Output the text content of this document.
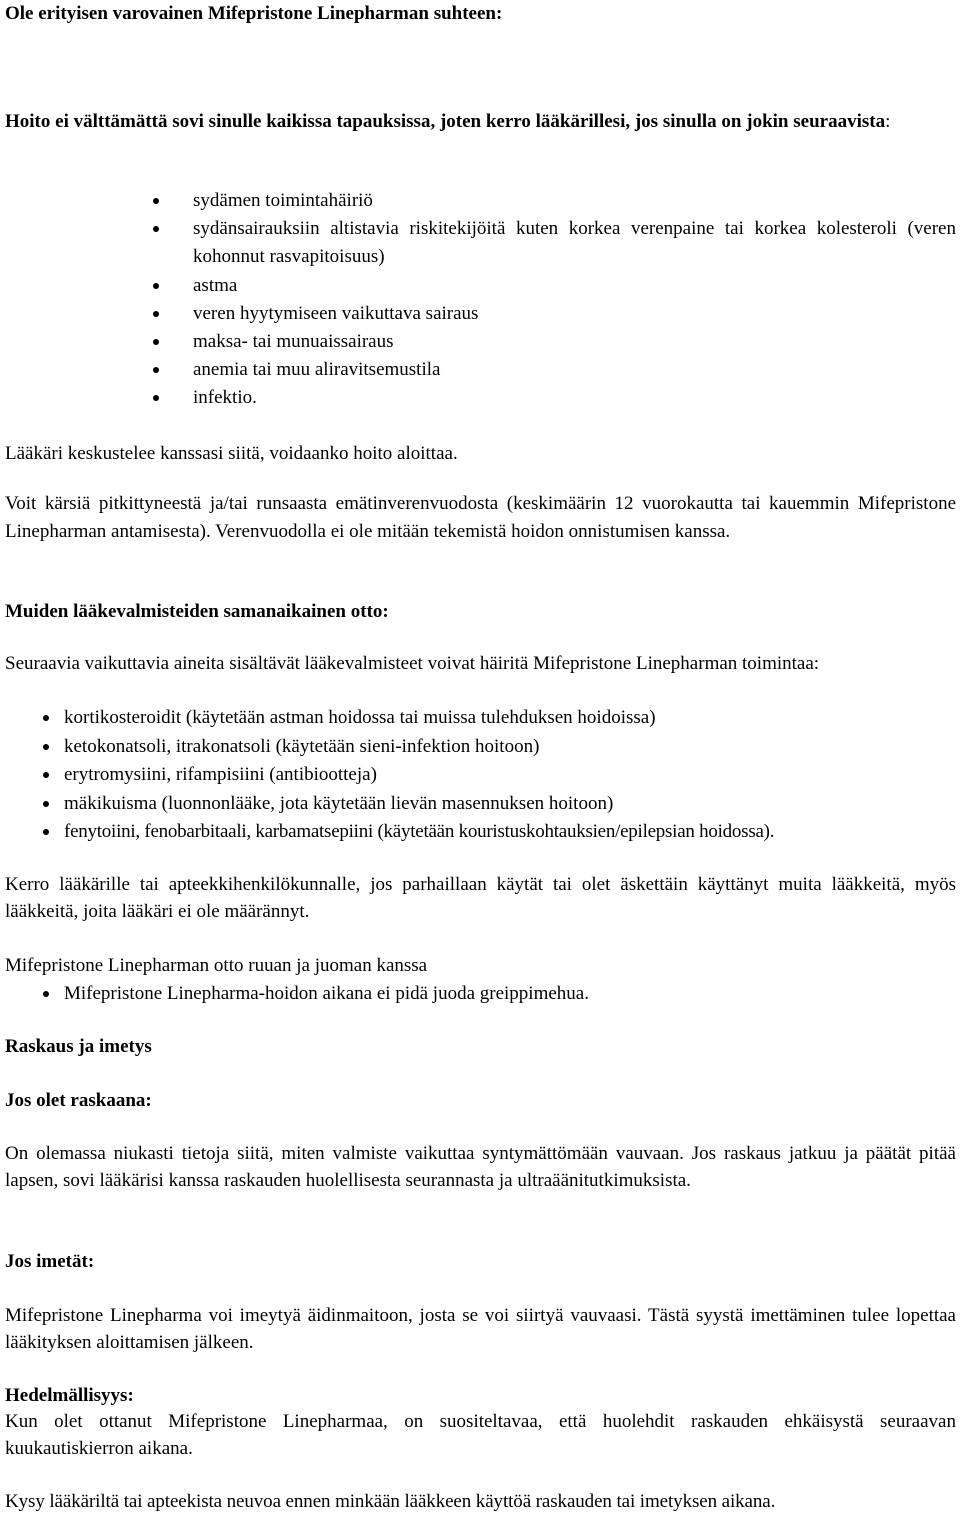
Ole erityisen varovainen Mifepristone Linepharman suhteen:

Hoito ei välttämättä sovi sinulle kaikissa tapauksissa, joten kerro lääkärillesi, jos sinulla on jokin seuraavista:

sydämen toimintahäiriö
sydänsairauksiin altistavia riskitekijöitä kuten korkea verenpaine tai korkea kolesteroli (veren kohonnut rasvapitoisuus)
astma
veren hyytymiseen vaikuttava sairaus
maksa- tai munuaissairaus
anemia tai muu aliravitsemustila
infektio.

Lääkäri keskustelee kanssasi siitä, voidaanko hoito aloittaa.

Voit kärsiä pitkittyneestä ja/tai runsaasta emätinverenvuodosta (keskimäärin 12 vuorokautta tai kauemmin Mifepristone Linepharman antamisesta). Verenvuodolla ei ole mitään tekemistä hoidon onnistumisen kanssa.

Muiden lääkevalmisteiden samanaikainen otto:

Seuraavia vaikuttavia aineita sisältävät lääkevalmisteet voivat häiritä Mifepristone Linepharman toimintaa:

kortikosteroidit (käytetään astman hoidossa tai muissa tulehduksen hoidoissa)
ketokonatsoli, itrakonatsoli (käytetään sieni-infektion hoitoon)
erytromysiini, rifampisiini (antibiootteja)
mäkikuisma (luonnonlääke, jota käytetään lievän masennuksen hoitoon)
fenytoiini, fenobarbitaali, karbamatsepiini (käytetään kouristuskohtauksien/epilepsian hoidossa).

Kerro lääkärille tai apteekkihenkilökunnalle, jos parhaillaan käytät tai olet äskettäin käyttänyt muita lääkkeitä, myös lääkkeitä, joita lääkäri ei ole määrännyt.

Mifepristone Linepharman otto ruuan ja juoman kanssa

Mifepristone Linepharma-hoidon aikana ei pidä juoda greippimehua.
Raskaus ja imetys
Jos olet raskaana:

On olemassa niukasti tietoja siitä, miten valmiste vaikuttaa syntymättömään vauvaan. Jos raskaus jatkuu ja päätät pitää lapsen, sovi lääkärisi kanssa raskauden huolellisesta seurannasta ja ultraäänitutkimuksista.

Jos imetät:

Mifepristone Linepharma voi imeytyä äidinmaitoon, josta se voi siirtyä vauvaasi. Tästä syystä imettäminen tulee lopettaa lääkityksen aloittamisen jälkeen.

Hedelmällisyys:

Kun olet ottanut Mifepristone Linepharmaa, on suositeltavaa, että huolehdit raskauden ehkäisystä seuraavan kuukautiskierron aikana.

Kysy lääkäriltä tai apteekista neuvoa ennen minkään lääkkeen käyttöä raskauden tai imetyksen aikana.
